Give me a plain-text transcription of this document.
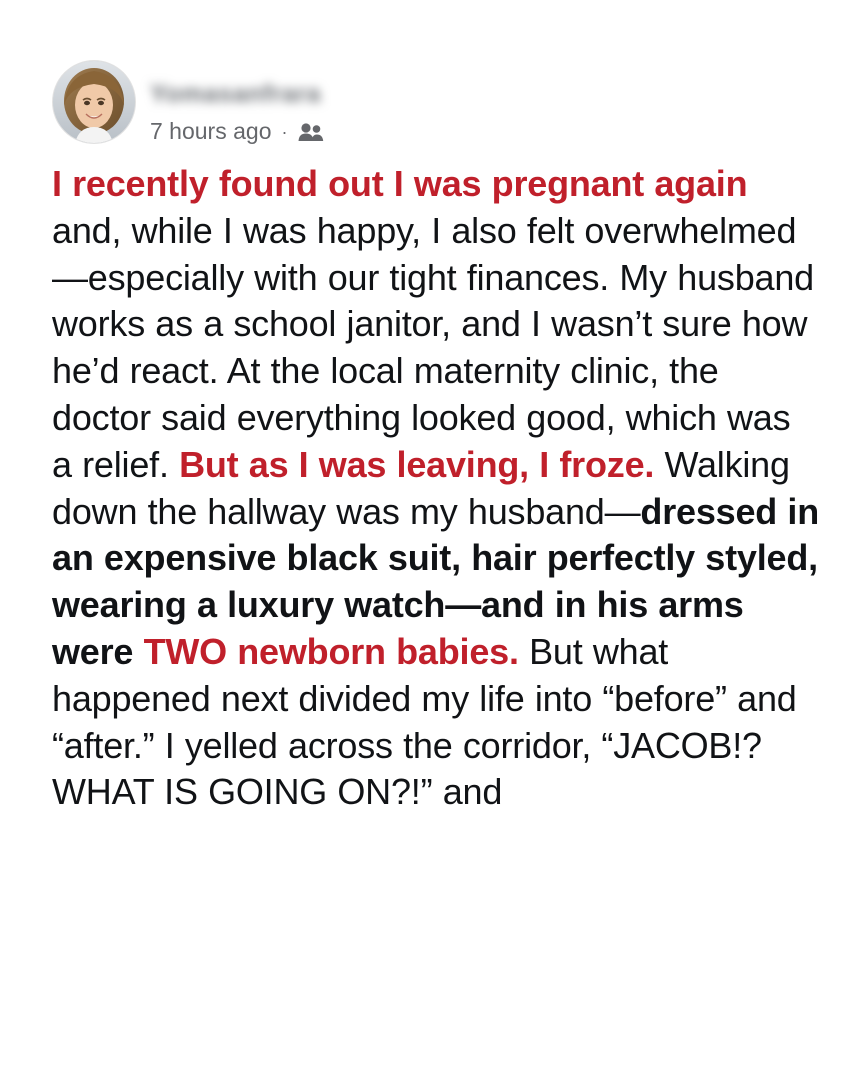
Yomasanfrara
7 hours ago ·
I recently found out I was pregnant again and, while I was happy, I also felt overwhelmed—especially with our tight finances. My husband works as a school janitor, and I wasn’t sure how he’d react. At the local maternity clinic, the doctor said everything looked good, which was a relief. But as I was leaving, I froze. Walking down the hallway was my husband—dressed in an expensive black suit, hair perfectly styled, wearing a luxury watch—and in his arms were TWO newborn babies. But what happened next divided my life into “before” and “after.” I yelled across the corridor, “JACOB!? WHAT IS GOING ON?!” and
